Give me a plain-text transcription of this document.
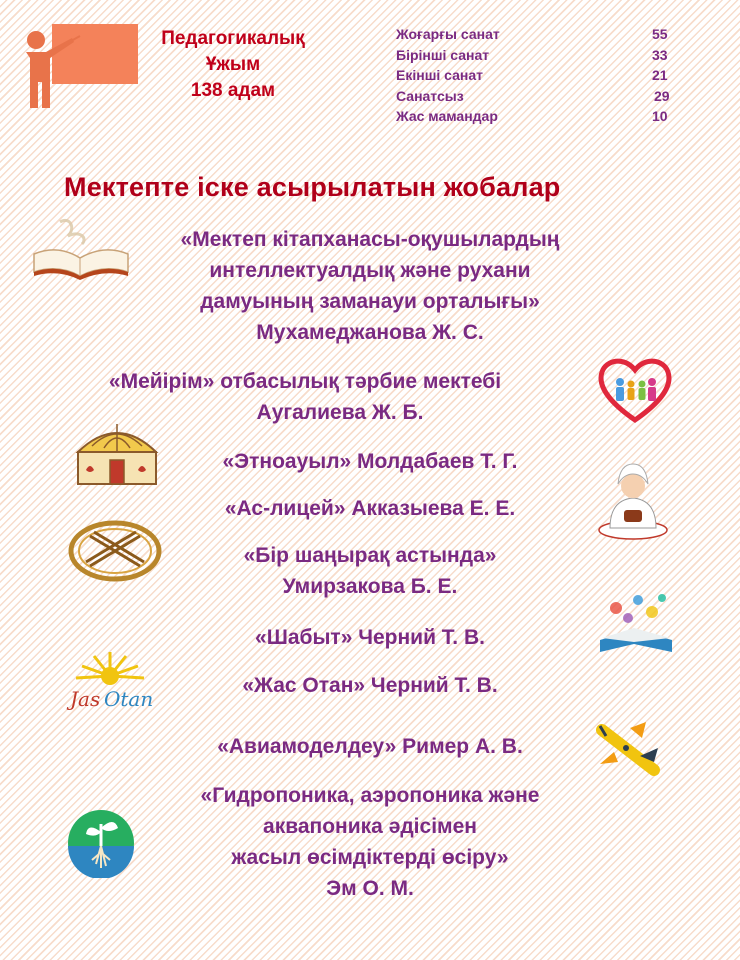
Педагогикалық
Ұжым
138 адам
Жоғарғы санат	55
Бірінші санат	33
Екінші санат	21
Санатсыз	29
Жас мамандар	10
Мектепте іске асырылатын жобалар
«Мектеп кітапханасы-оқушылардың
интеллектуалдық және рухани
дамуының заманауи орталығы»
Мухамеджанова Ж. С.
«Мейірім» отбасылық тәрбие мектебі
Аугалиева Ж. Б.
«Этноауыл» Молдабаев Т. Г.
«Ас-лицей» Акказыева Е. Е.
«Бір шаңырақ астында»
Умирзакова Б. Е.
«Шабыт» Черний Т. В.
Jas Otan
«Жас Отан» Черний Т. В.
«Авиамоделдеу» Ример А. В.
«Гидропоника, аэропоника және
аквапоника әдісімен
жасыл өсімдіктерді өсіру»
Эм О. М.
